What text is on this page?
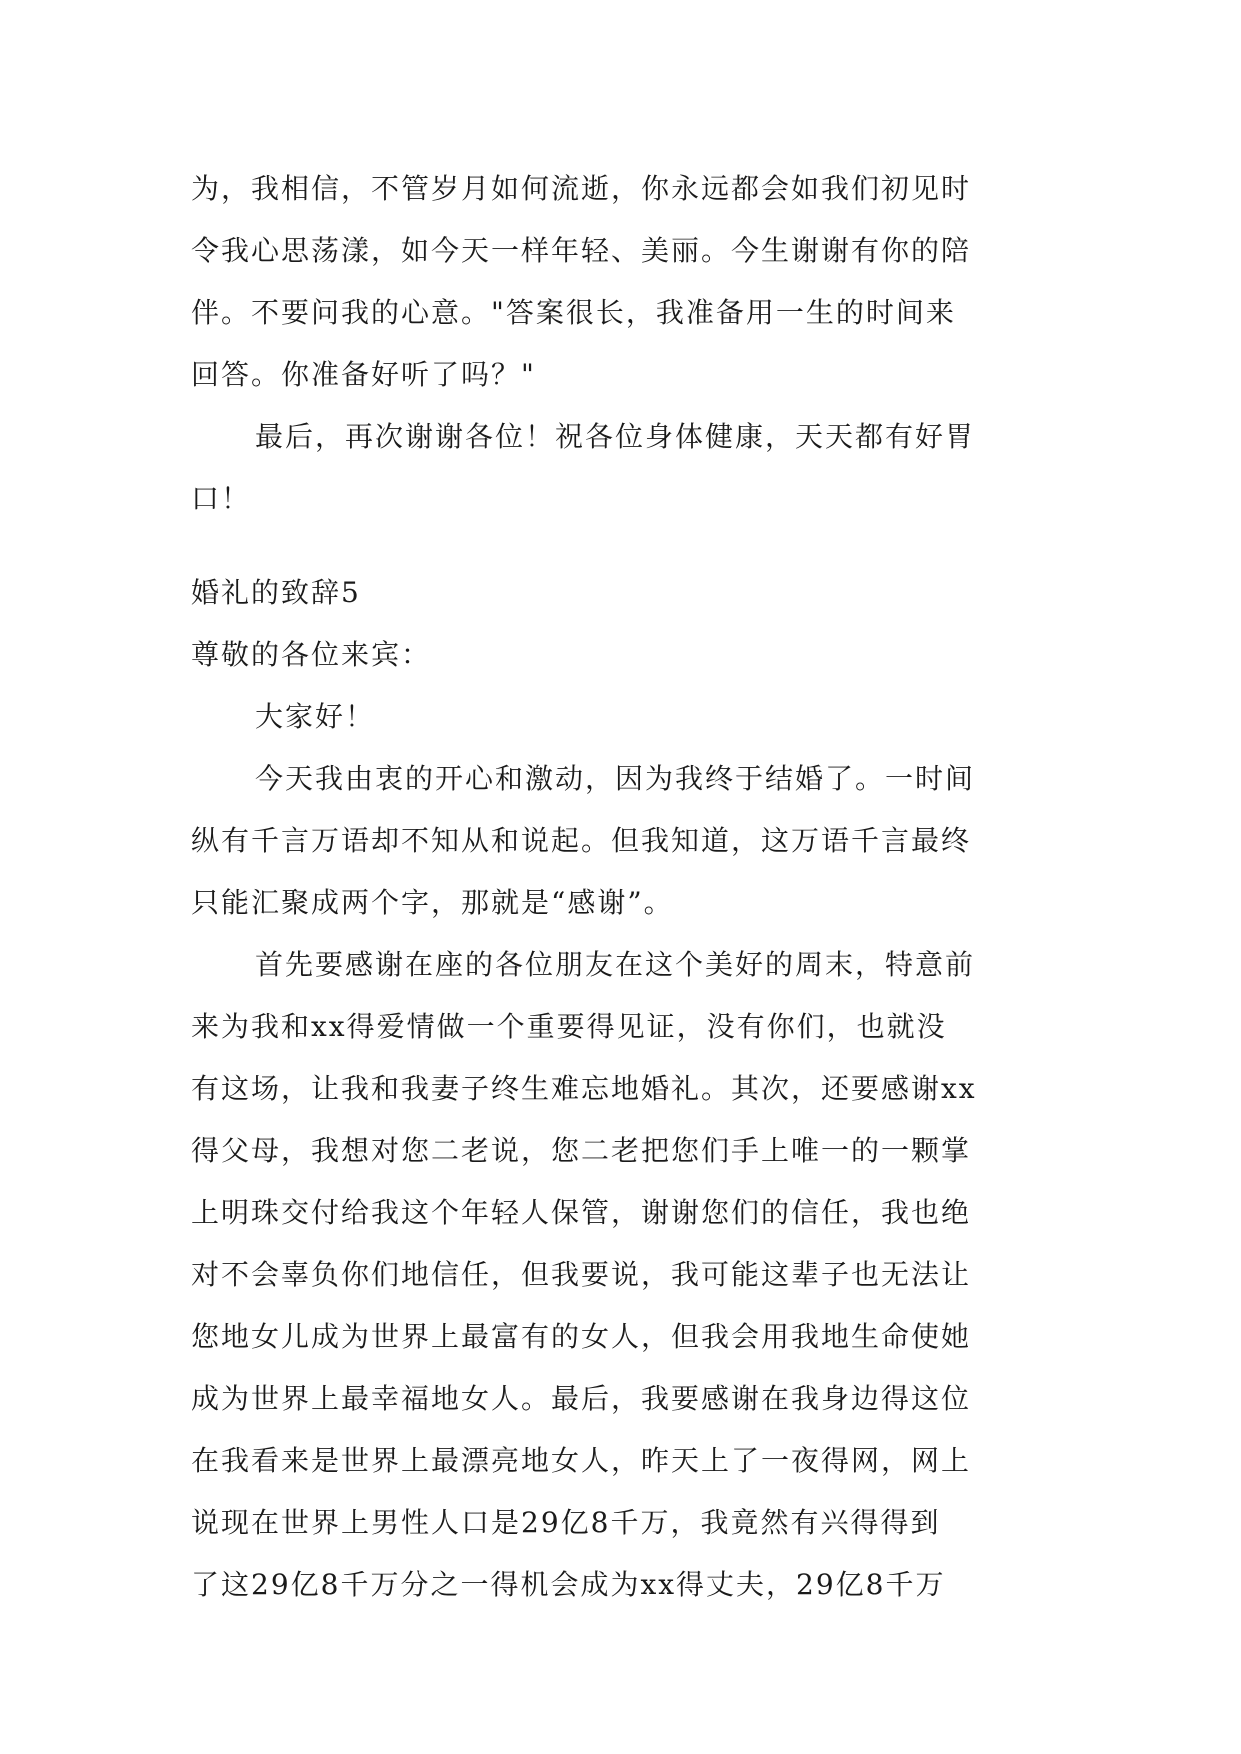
为，我相信，不管岁月如何流逝，你永远都会如我们初见时
令我心思荡漾，如今天一样年轻、美丽。今生谢谢有你的陪
伴。不要问我的心意。"答案很长，我准备用一生的时间来
回答。你准备好听了吗？"
最后，再次谢谢各位！祝各位身体健康，天天都有好胃
口！
婚礼的致辞5
尊敬的各位来宾：
大家好！
今天我由衷的开心和激动，因为我终于结婚了。一时间
纵有千言万语却不知从和说起。但我知道，这万语千言最终
只能汇聚成两个字，那就是“感谢”。
首先要感谢在座的各位朋友在这个美好的周末，特意前
来为我和xx得爱情做一个重要得见证，没有你们，也就没
有这场，让我和我妻子终生难忘地婚礼。其次，还要感谢xx
得父母，我想对您二老说，您二老把您们手上唯一的一颗掌
上明珠交付给我这个年轻人保管，谢谢您们的信任，我也绝
对不会辜负你们地信任，但我要说，我可能这辈子也无法让
您地女儿成为世界上最富有的女人，但我会用我地生命使她
成为世界上最幸福地女人。最后，我要感谢在我身边得这位
在我看来是世界上最漂亮地女人，昨天上了一夜得网，网上
说现在世界上男性人口是29亿8千万，我竟然有兴得得到
了这29亿8千万分之一得机会成为xx得丈夫，29亿8千万
